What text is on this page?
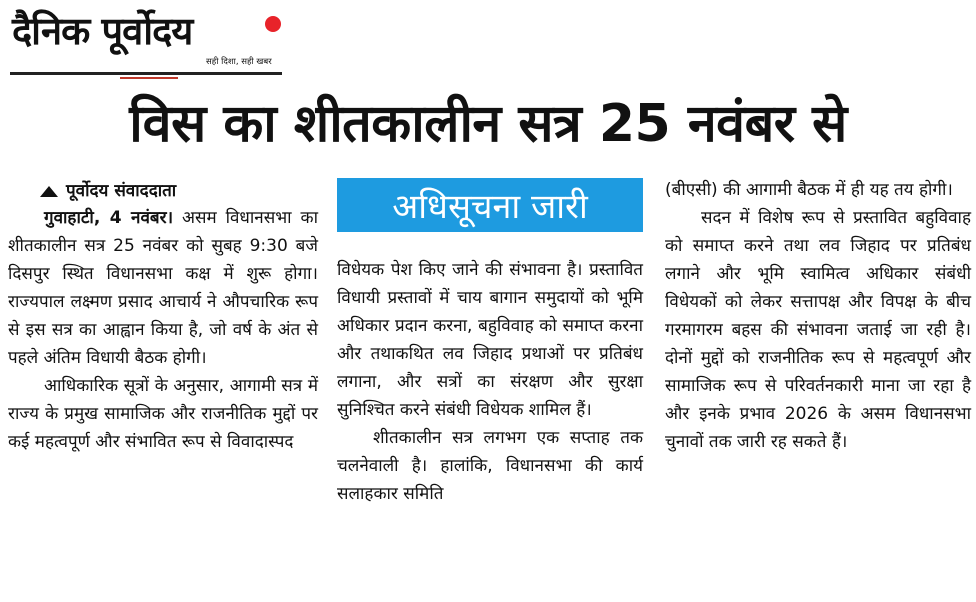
दैनिक पूर्वोदय
सही दिशा, सही खबर
विस का शीतकालीन सत्र 25 नवंबर से
पूर्वोदय संवाददाता

गुवाहाटी, 4 नवंबर। असम विधानसभा का शीतकालीन सत्र 25 नवंबर को सुबह 9:30 बजे दिसपुर स्थित विधानसभा कक्ष में शुरू होगा। राज्यपाल लक्ष्मण प्रसाद आचार्य ने औपचारिक रूप से इस सत्र का आह्वान किया है, जो वर्ष के अंत से पहले अंतिम विधायी बैठक होगी।

आधिकारिक सूत्रों के अनुसार, आगामी सत्र में राज्य के प्रमुख सामाजिक और राजनीतिक मुद्दों पर कई महत्वपूर्ण और संभावित रूप से विवादास्पद

अधिसूचना जारी

विधेयक पेश किए जाने की संभावना है। प्रस्तावित विधायी प्रस्तावों में चाय बागान समुदायों को भूमि अधिकार प्रदान करना, बहुविवाह को समाप्त करना और तथाकथित लव जिहाद प्रथाओं पर प्रतिबंध लगाना, और सत्रों का संरक्षण और सुरक्षा सुनिश्चित करने संबंधी विधेयक शामिल हैं।

शीतकालीन सत्र लगभग एक सप्ताह तक चलनेवाली है। हालांकि, विधानसभा की कार्य सलाहकार समिति

(बीएसी) की आगामी बैठक में ही यह तय होगी।

सदन में विशेष रूप से प्रस्तावित बहुविवाह को समाप्त करने तथा लव जिहाद पर प्रतिबंध लगाने और भूमि स्वामित्व अधिकार संबंधी विधेयकों को लेकर सत्तापक्ष और विपक्ष के बीच गरमागरम बहस की संभावना जताई जा रही है। दोनों मुद्दों को राजनीतिक रूप से महत्वपूर्ण और सामाजिक रूप से परिवर्तनकारी माना जा रहा है और इनके प्रभाव 2026 के असम विधानसभा चुनावों तक जारी रह सकते हैं।
